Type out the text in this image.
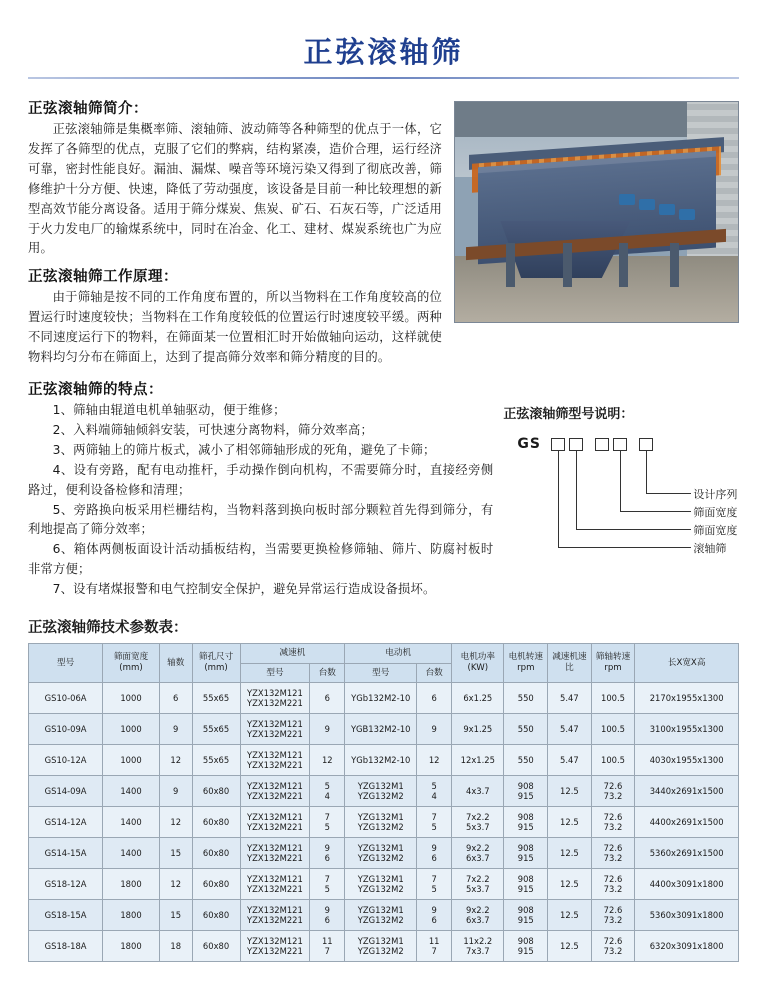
正弦滚轴筛
正弦滚轴筛简介：

正弦滚轴筛是集概率筛、滚轴筛、波动筛等各种筛型的优点于一体，它发挥了各筛型的优点，克服了它们的弊病，结构紧凑，造价合理，运行经济可靠，密封性能良好。漏油、漏煤、噪音等环境污染又得到了彻底改善，筛修维护十分方便、快速，降低了劳动强度，该设备是目前一种比较理想的新型高效节能分离设备。适用于筛分煤炭、焦炭、矿石、石灰石等，广泛适用于火力发电厂的输煤系统中，同时在冶金、化工、建材、煤炭系统也广为应用。

正弦滚轴筛工作原理：

由于筛轴是按不同的工作角度布置的，所以当物料在工作角度较高的位置运行时速度较快；当物料在工作角度较低的位置运行时速度较平缓。两种不同速度运行下的物料，在筛面某一位置相汇时开始做轴向运动，这样就使物料均匀分布在筛面上，达到了提高筛分效率和筛分精度的目的。

正弦滚轴筛的特点：
1、筛轴由辊道电机单轴驱动，便于维修；
2、入料端筛轴倾斜安装，可快速分离物料，筛分效率高；
3、两筛轴上的筛片板式，减小了相邻筛轴形成的死角，避免了卡筛；
4、设有旁路，配有电动推杆，手动操作倒向机构，不需要筛分时，直接经旁侧路过，便利设备检修和清理；
5、旁路换向板采用栏栅结构，当物料落到换向板时部分颗粒首先得到筛分，有利地提高了筛分效率；
6、箱体两侧板面设计活动插板结构，当需要更换检修筛轴、筛片、防腐衬板时非常方便；
7、设有堵煤报警和电气控制安全保护，避免异常运行造成设备损坏。
正弦滚轴筛型号说明：
GS
设计序列
筛面宽度
筛面宽度
滚轴筛
正弦滚轴筛技术参数表：
型号	筛面宽度(mm)	轴数	筛孔尺寸(mm)	减速机		电动机		电机功率(KW)	电机转速rpm	减速机速比	筛轴转速rpm	长X宽X高
				型号	台数	型号	台数					
GS10-06A	1000	6	55x65	YZX132M121
YZX132M221	6	YGb132M2-10	6	6x1.25	550	5.47	100.5	2170x1955x1300
GS10-09A	1000	9	55x65	YZX132M121
YZX132M221	9	YGB132M2-10	9	9x1.25	550	5.47	100.5	3100x1955x1300
GS10-12A	1000	12	55x65	YZX132M121
YZX132M221	12	YGb132M2-10	12	12x1.25	550	5.47	100.5	4030x1955x1300
GS14-09A	1400	9	60x80	YZX132M121
YZX132M221	5
4	YZG132M1
YZG132M2	5
4	4x3.7	908
915	12.5	72.6
73.2	3440x2691x1500
GS14-12A	1400	12	60x80	YZX132M121
YZX132M221	7
5	YZG132M1
YZG132M2	7
5	7x2.2
5x3.7	908
915	12.5	72.6
73.2	4400x2691x1500
GS14-15A	1400	15	60x80	YZX132M121
YZX132M221	9
6	YZG132M1
YZG132M2	9
6	9x2.2
6x3.7	908
915	12.5	72.6
73.2	5360x2691x1500
GS18-12A	1800	12	60x80	YZX132M121
YZX132M221	7
5	YZG132M1
YZG132M2	7
5	7x2.2
5x3.7	908
915	12.5	72.6
73.2	4400x3091x1800
GS18-15A	1800	15	60x80	YZX132M121
YZX132M221	9
6	YZG132M1
YZG132M2	9
6	9x2.2
6x3.7	908
915	12.5	72.6
73.2	5360x3091x1800
GS18-18A	1800	18	60x80	YZX132M121
YZX132M221	11
7	YZG132M1
YZG132M2	11
7	11x2.2
7x3.7	908
915	12.5	72.6
73.2	6320x3091x1800
